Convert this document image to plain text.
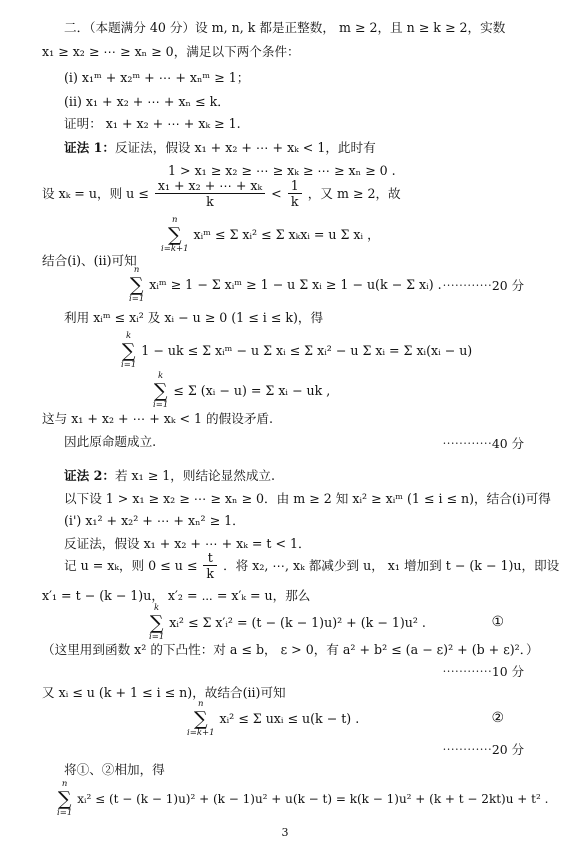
二．（本题满分 40 分）设 m, n, k 都是正整数， m ≥ 2，且 n ≥ k ≥ 2，实数
x₁ ≥ x₂ ≥ ⋯ ≥ xₙ ≥ 0，满足以下两个条件：
(i) x₁ᵐ + x₂ᵐ + ⋯ + xₙᵐ ≥ 1；
(ii) x₁ + x₂ + ⋯ + xₙ ≤ k．
证明： x₁ + x₂ + ⋯ + xₖ ≥ 1.
证法 1：反证法，假设 x₁ + x₂ + ⋯ + xₖ < 1，此时有
1 > x₁ ≥ x₂ ≥ ⋯ ≥ xₖ ≥ ⋯ ≥ xₙ ≥ 0 .
设 xₖ = u，则 $u \le \frac{\text{x₁ + x₂ + ⋯ + xₖ}}{k} < \frac{1}{k}$ ，又 m ≥ 2，故
n
∑
i=k+1
xᵢᵐ ≤ Σ xᵢ² ≤ Σ xₖxᵢ = u Σ xᵢ ，
结合(i)、(ii)可知
n
∑
i=1
xᵢᵐ ≥ 1 − Σ xᵢᵐ ≥ 1 − u Σ xᵢ ≥ 1 − u(k − Σ xᵢ) . ⋯⋯⋯⋯20 分
利用 xᵢᵐ ≤ xᵢ² 及 xᵢ − u ≥ 0 (1 ≤ i ≤ k)，得
k
∑
i=1
1 − uk ≤ Σ xᵢᵐ − u Σ xᵢ ≤ Σ xᵢ² − u Σ xᵢ = Σ xᵢ(xᵢ − u)
k
∑
i=1
≤ Σ (xᵢ − u) = Σ xᵢ − uk ,
这与 x₁ + x₂ + ⋯ + xₖ < 1 的假设矛盾.
因此原命题成立.	⋯⋯⋯⋯40 分
证法 2：若 x₁ ≥ 1，则结论显然成立.
以下设 1 > x₁ ≥ x₂ ≥ ⋯ ≥ xₙ ≥ 0．由 m ≥ 2 知 xᵢ² ≥ xᵢᵐ (1 ≤ i ≤ n)，结合(i)可得
(i') x₁² + x₂² + ⋯ + xₙ² ≥ 1．
反证法，假设 x₁ + x₂ + ⋯ + xₖ = t < 1．
记 u = xₖ，则 $0 \le u \le \frac{t}{k}$ ．将 x₂, ⋯, xₖ 都减少到 u， x₁ 增加到 t − (k − 1)u，即设
x′₁ = t − (k − 1)u， x′₂ = ⋯ = x′ₖ = u，那么
k
∑
i=1
xᵢ² ≤ Σ x′ᵢ² = (t − (k − 1)u)² + (k − 1)u² .	①
（这里用到函数 x² 的下凸性：对 a ≤ b， ε > 0，有 a² + b² ≤ (a − ε)² + (b + ε)²．）
⋯⋯⋯⋯10 分
又 xᵢ ≤ u (k + 1 ≤ i ≤ n)，故结合(ii)可知
n
∑
i=k+1
xᵢ² ≤ Σ uxᵢ ≤ u(k − t) .	②
⋯⋯⋯⋯20 分
将①、②相加，得
n
∑
i=1
xᵢ² ≤ (t − (k − 1)u)² + (k − 1)u² + u(k − t) = k(k − 1)u² + (k + t − 2kt)u + t² .
3
